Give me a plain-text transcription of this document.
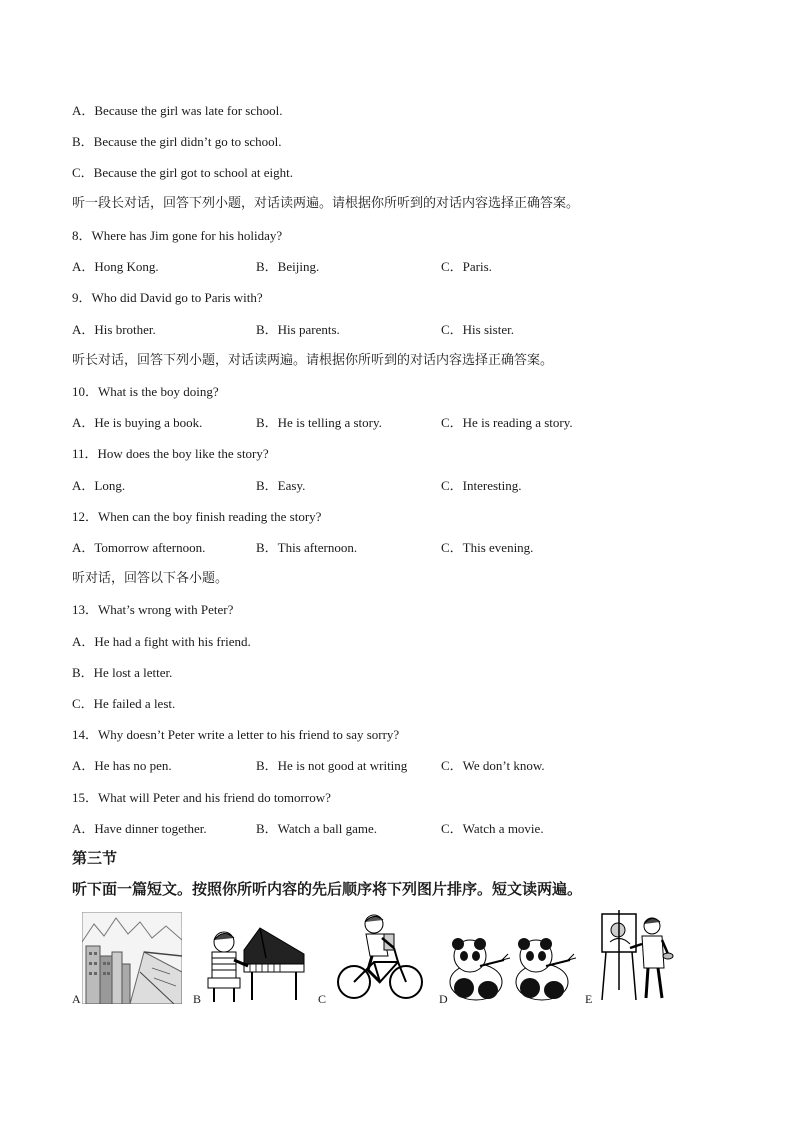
A．Because the girl was late for school.
B．Because the girl didn’t go to school.
C．Because the girl got to school at eight.
听一段长对话，回答下列小题，对话读两遍。请根据你所听到的对话内容选择正确答案。
8．Where has Jim gone for his holiday?
A．Hong Kong.	B．Beijing.	C．Paris.
9．Who did David go to Paris with?
A．His brother.	B．His parents.	C．His sister.
听长对话，回答下列小题，对话读两遍。请根据你所听到的对话内容选择正确答案。
10．What is the boy doing?
A．He is buying a book.	B．He is telling a story.	C．He is reading a story.
11．How does the boy like the story?
A．Long.	B．Easy.	C．Interesting.
12．When can the boy finish reading the story?
A．Tomorrow afternoon.	B．This afternoon.	C．This evening.
听对话，回答以下各小题。
13．What’s wrong with Peter?
A．He had a fight with his friend.
B．He lost a letter.
C．He failed a lest.
14．Why doesn’t Peter write a letter to his friend to say sorry?
A．He has no pen.	B．He is not good at writing	C．We don’t know.
15．What will Peter and his friend do tomorrow?
A．Have dinner together.	B．Watch a ball game.	C．Watch a movie.
第三节
听下面一篇短文。按照你所听内容的先后顺序将下列图片排序。短文读两遍。
A	B	C	D	E
